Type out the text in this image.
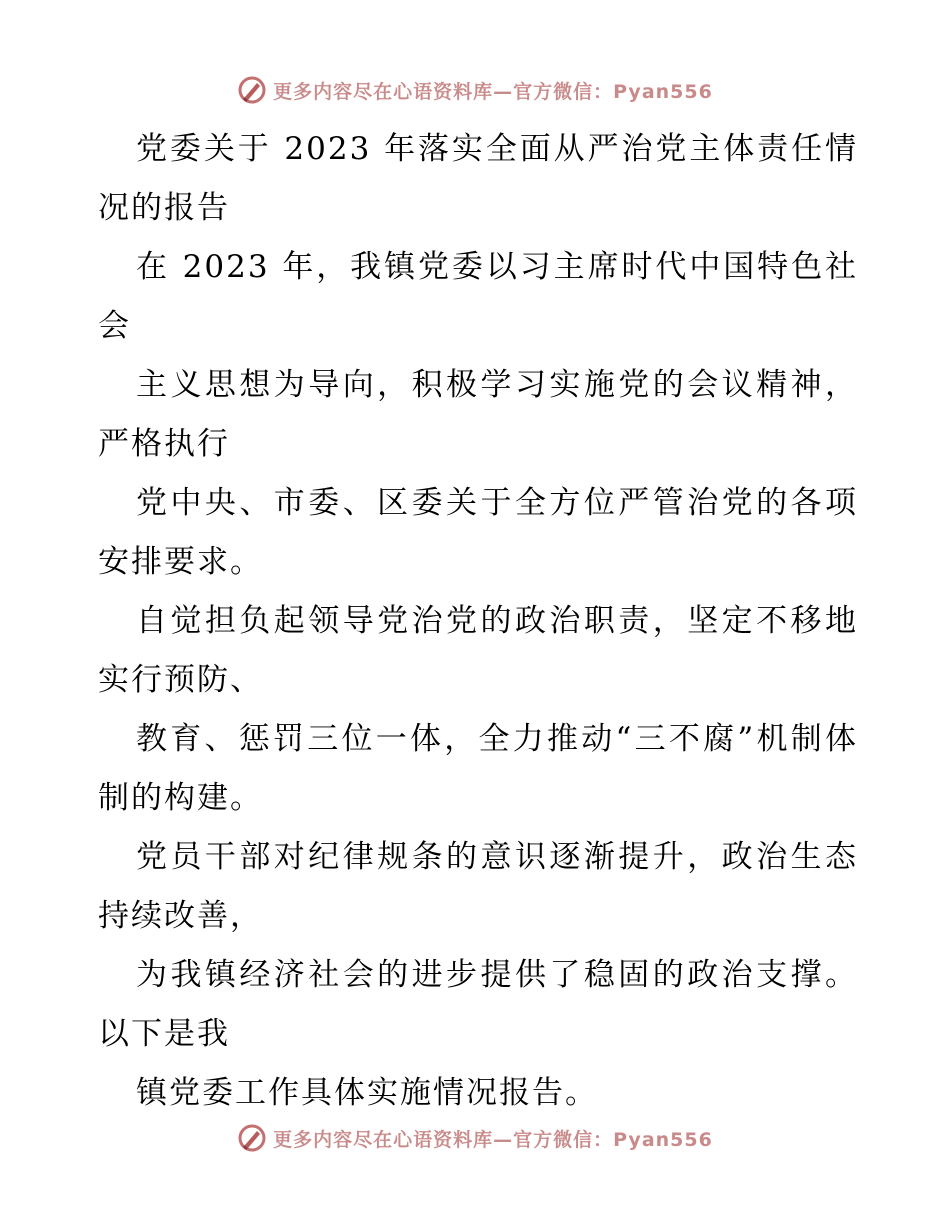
更多内容尽在心语资料库—官方微信：Pyan556

党委关于 2023 年落实全面从严治党主体责任情况的报告

在 2023 年，我镇党委以习主席时代中国特色社会

主义思想为导向，积极学习实施党的会议精神，严格执行

党中央、市委、区委关于全方位严管治党的各项安排要求。

自觉担负起领导党治党的政治职责，坚定不移地实行预防、

教育、惩罚三位一体，全力推动“三不腐”机制体制的构建。

党员干部对纪律规条的意识逐渐提升，政治生态持续改善，

为我镇经济社会的进步提供了稳固的政治支撑。以下是我

镇党委工作具体实施情况报告。

更多内容尽在心语资料库—官方微信：Pyan556
